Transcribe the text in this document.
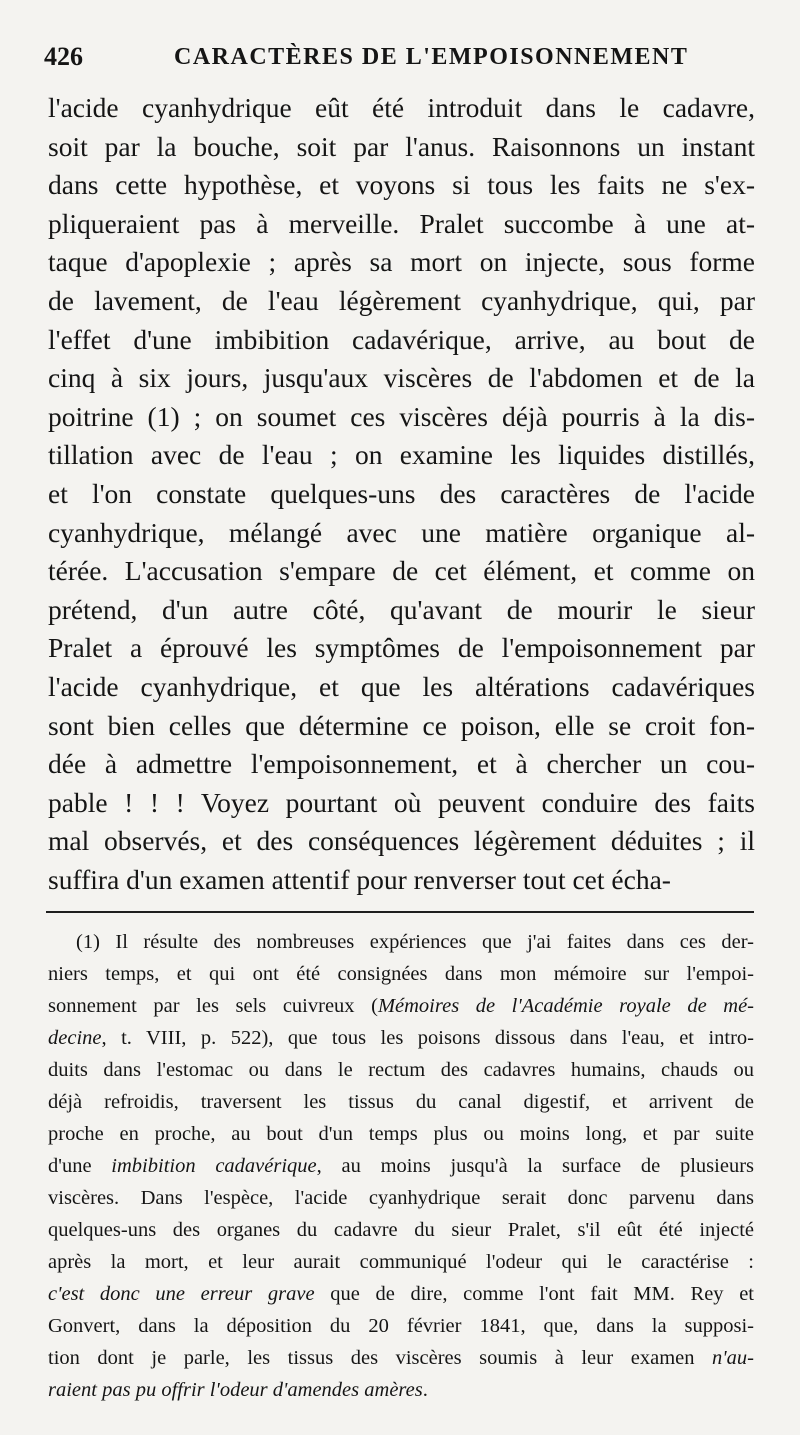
426	CARACTÈRES DE L'EMPOISONNEMENT
l'acide cyanhydrique eût été introduit dans le cadavre,
soit par la bouche, soit par l'anus. Raisonnons un instant
dans cette hypothèse, et voyons si tous les faits ne s'ex-
pliqueraient pas à merveille. Pralet succombe à une at-
taque d'apoplexie ; après sa mort on injecte, sous forme
de lavement, de l'eau légèrement cyanhydrique, qui, par
l'effet d'une imbibition cadavérique, arrive, au bout de
cinq à six jours, jusqu'aux viscères de l'abdomen et de la
poitrine (1) ; on soumet ces viscères déjà pourris à la dis-
tillation avec de l'eau ; on examine les liquides distillés,
et l'on constate quelques-uns des caractères de l'acide
cyanhydrique, mélangé avec une matière organique al-
térée. L'accusation s'empare de cet élément, et comme on
prétend, d'un autre côté, qu'avant de mourir le sieur
Pralet a éprouvé les symptômes de l'empoisonnement par
l'acide cyanhydrique, et que les altérations cadavériques
sont bien celles que détermine ce poison, elle se croit fon-
dée à admettre l'empoisonnement, et à chercher un cou-
pable ! ! ! Voyez pourtant où peuvent conduire des faits
mal observés, et des conséquences légèrement déduites ; il
suffira d'un examen attentif pour renverser tout cet écha-
(1) Il résulte des nombreuses expériences que j'ai faites dans ces der-
niers temps, et qui ont été consignées dans mon mémoire sur l'empoi-
sonnement par les sels cuivreux (Mémoires de l'Académie royale de mé-
decine, t. VIII, p. 522), que tous les poisons dissous dans l'eau, et intro-
duits dans l'estomac ou dans le rectum des cadavres humains, chauds ou
déjà refroidis, traversent les tissus du canal digestif, et arrivent de
proche en proche, au bout d'un temps plus ou moins long, et par suite
d'une imbibition cadavérique, au moins jusqu'à la surface de plusieurs
viscères. Dans l'espèce, l'acide cyanhydrique serait donc parvenu dans
quelques-uns des organes du cadavre du sieur Pralet, s'il eût été injecté
après la mort, et leur aurait communiqué l'odeur qui le caractérise :
c'est donc une erreur grave que de dire, comme l'ont fait MM. Rey et
Gonvert, dans la déposition du 20 février 1841, que, dans la supposi-
tion dont je parle, les tissus des viscères soumis à leur examen n'au-
raient pas pu offrir l'odeur d'amendes amères.
